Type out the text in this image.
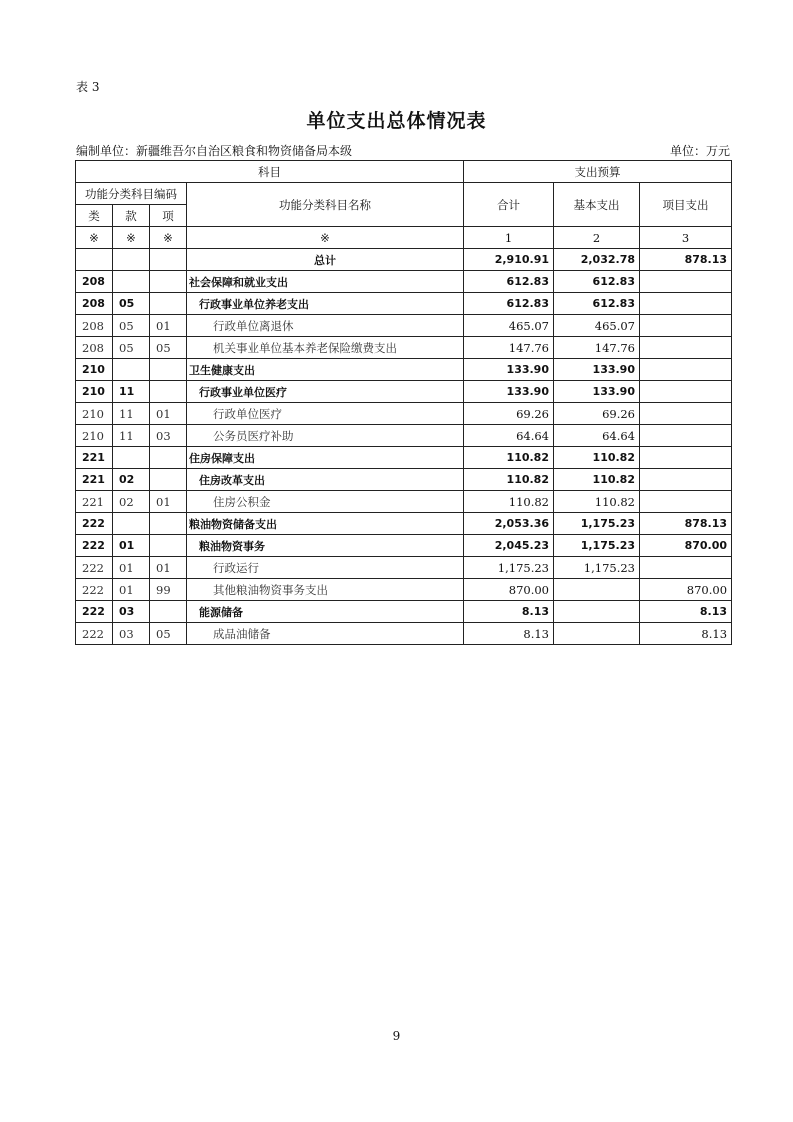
表 3
单位支出总体情况表
编制单位：新疆维吾尔自治区粮食和物资储备局本级	单位：万元
科目				支出预算		
功能分类科目编码			功能分类科目名称	合计	基本支出	项目支出
类	款	项				
※	※	※	※	1	2	3
			总计	2,910.91	2,032.78	878.13
208			社会保障和就业支出	612.83	612.83	
208	05		行政事业单位养老支出	612.83	612.83	
208	05	01	行政单位离退休	465.07	465.07	
208	05	05	机关事业单位基本养老保险缴费支出	147.76	147.76	
210			卫生健康支出	133.90	133.90	
210	11		行政事业单位医疗	133.90	133.90	
210	11	01	行政单位医疗	69.26	69.26	
210	11	03	公务员医疗补助	64.64	64.64	
221			住房保障支出	110.82	110.82	
221	02		住房改革支出	110.82	110.82	
221	02	01	住房公积金	110.82	110.82	
222			粮油物资储备支出	2,053.36	1,175.23	878.13
222	01		粮油物资事务	2,045.23	1,175.23	870.00
222	01	01	行政运行	1,175.23	1,175.23	
222	01	99	其他粮油物资事务支出	870.00		870.00
222	03		能源储备	8.13		8.13
222	03	05	成品油储备	8.13		8.13
9
